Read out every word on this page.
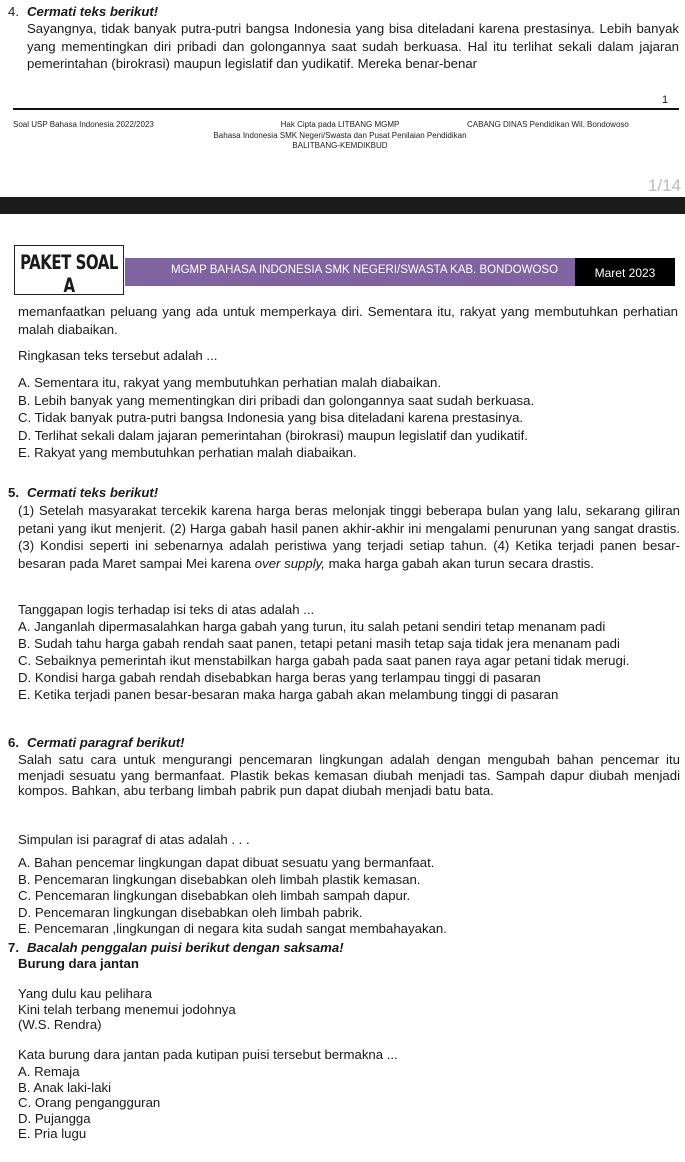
4. Cermati teks berikut!
Sayangnya, tidak banyak putra-putri bangsa Indonesia yang bisa diteladani karena prestasinya. Lebih banyak yang mementingkan diri pribadi dan golongannya saat sudah berkuasa. Hal itu terlihat sekali dalam jajaran pemerintahan (birokrasi) maupun legislatif dan yudikatif. Mereka benar-benar
1
Soal USP Bahasa Indonesia 2022/2023	Hak Cipta pada LITBANG MGMP
Bahasa Indonesia SMK Negeri/Swasta dan Pusat Penilaian Pendidikan
BALITBANG-KEMDIKBUD
CABANG DINAS Pendidikan Wil. Bondowoso
1/14
PAKET SOAL A
MGMP BAHASA INDONESIA SMK NEGERI/SWASTA KAB. BONDOWOSO	Maret 2023
memanfaatkan peluang yang ada untuk memperkaya diri. Sementara itu, rakyat yang membutuhkan perhatian malah diabaikan.
Ringkasan teks tersebut adalah ...
A. Sementara itu, rakyat yang membutuhkan perhatian malah diabaikan.
B. Lebih banyak yang mementingkan diri pribadi dan golongannya saat sudah berkuasa.
C. Tidak banyak putra-putri bangsa Indonesia yang bisa diteladani karena prestasinya.
D. Terlihat sekali dalam jajaran pemerintahan (birokrasi) maupun legislatif dan yudikatif.
E. Rakyat yang membutuhkan perhatian malah diabaikan.
5. Cermati teks berikut!
(1) Setelah masyarakat tercekik karena harga beras melonjak tinggi beberapa bulan yang lalu, sekarang giliran petani yang ikut menjerit. (2) Harga gabah hasil panen akhir-akhir ini mengalami penurunan yang sangat drastis. (3) Kondisi seperti ini sebenarnya adalah peristiwa yang terjadi setiap tahun. (4) Ketika terjadi panen besar-besaran pada Maret sampai Mei karena over supply, maka harga gabah akan turun secara drastis.
Tanggapan logis terhadap isi teks di atas adalah ...
A. Janganlah dipermasalahkan harga gabah yang turun, itu salah petani sendiri tetap menanam padi
B. Sudah tahu harga gabah rendah saat panen, tetapi petani masih tetap saja tidak jera menanam padi
C. Sebaiknya pemerintah ikut menstabilkan harga gabah pada saat panen raya agar petani tidak merugi.
D. Kondisi harga gabah rendah disebabkan harga beras yang terlampau tinggi di pasaran
E. Ketika terjadi panen besar-besaran maka harga gabah akan melambung tinggi di pasaran
6. Cermati paragraf berikut!
Salah satu cara untuk mengurangi pencemaran lingkungan adalah dengan mengubah bahan pencemar itu menjadi sesuatu yang bermanfaat. Plastik bekas kemasan diubah menjadi tas. Sampah dapur diubah menjadi kompos. Bahkan, abu terbang limbah pabrik pun dapat diubah menjadi batu bata.
Simpulan isi paragraf di atas adalah . . .
A. Bahan pencemar lingkungan dapat dibuat sesuatu yang bermanfaat.
B. Pencemaran lingkungan disebabkan oleh limbah plastik kemasan.
C. Pencemaran lingkungan disebabkan oleh limbah sampah dapur.
D. Pencemaran lingkungan disebabkan oleh limbah pabrik.
E. Pencemaran ,lingkungan di negara kita sudah sangat membahayakan.
7. Bacalah penggalan puisi berikut dengan saksama!
Burung dara jantan
Yang dulu kau pelihara
Kini telah terbang menemui jodohnya
(W.S. Rendra)
Kata burung dara jantan pada kutipan puisi tersebut bermakna ...
A. Remaja
B. Anak laki-laki
C. Orang pengangguran
D. Pujangga
E. Pria lugu
